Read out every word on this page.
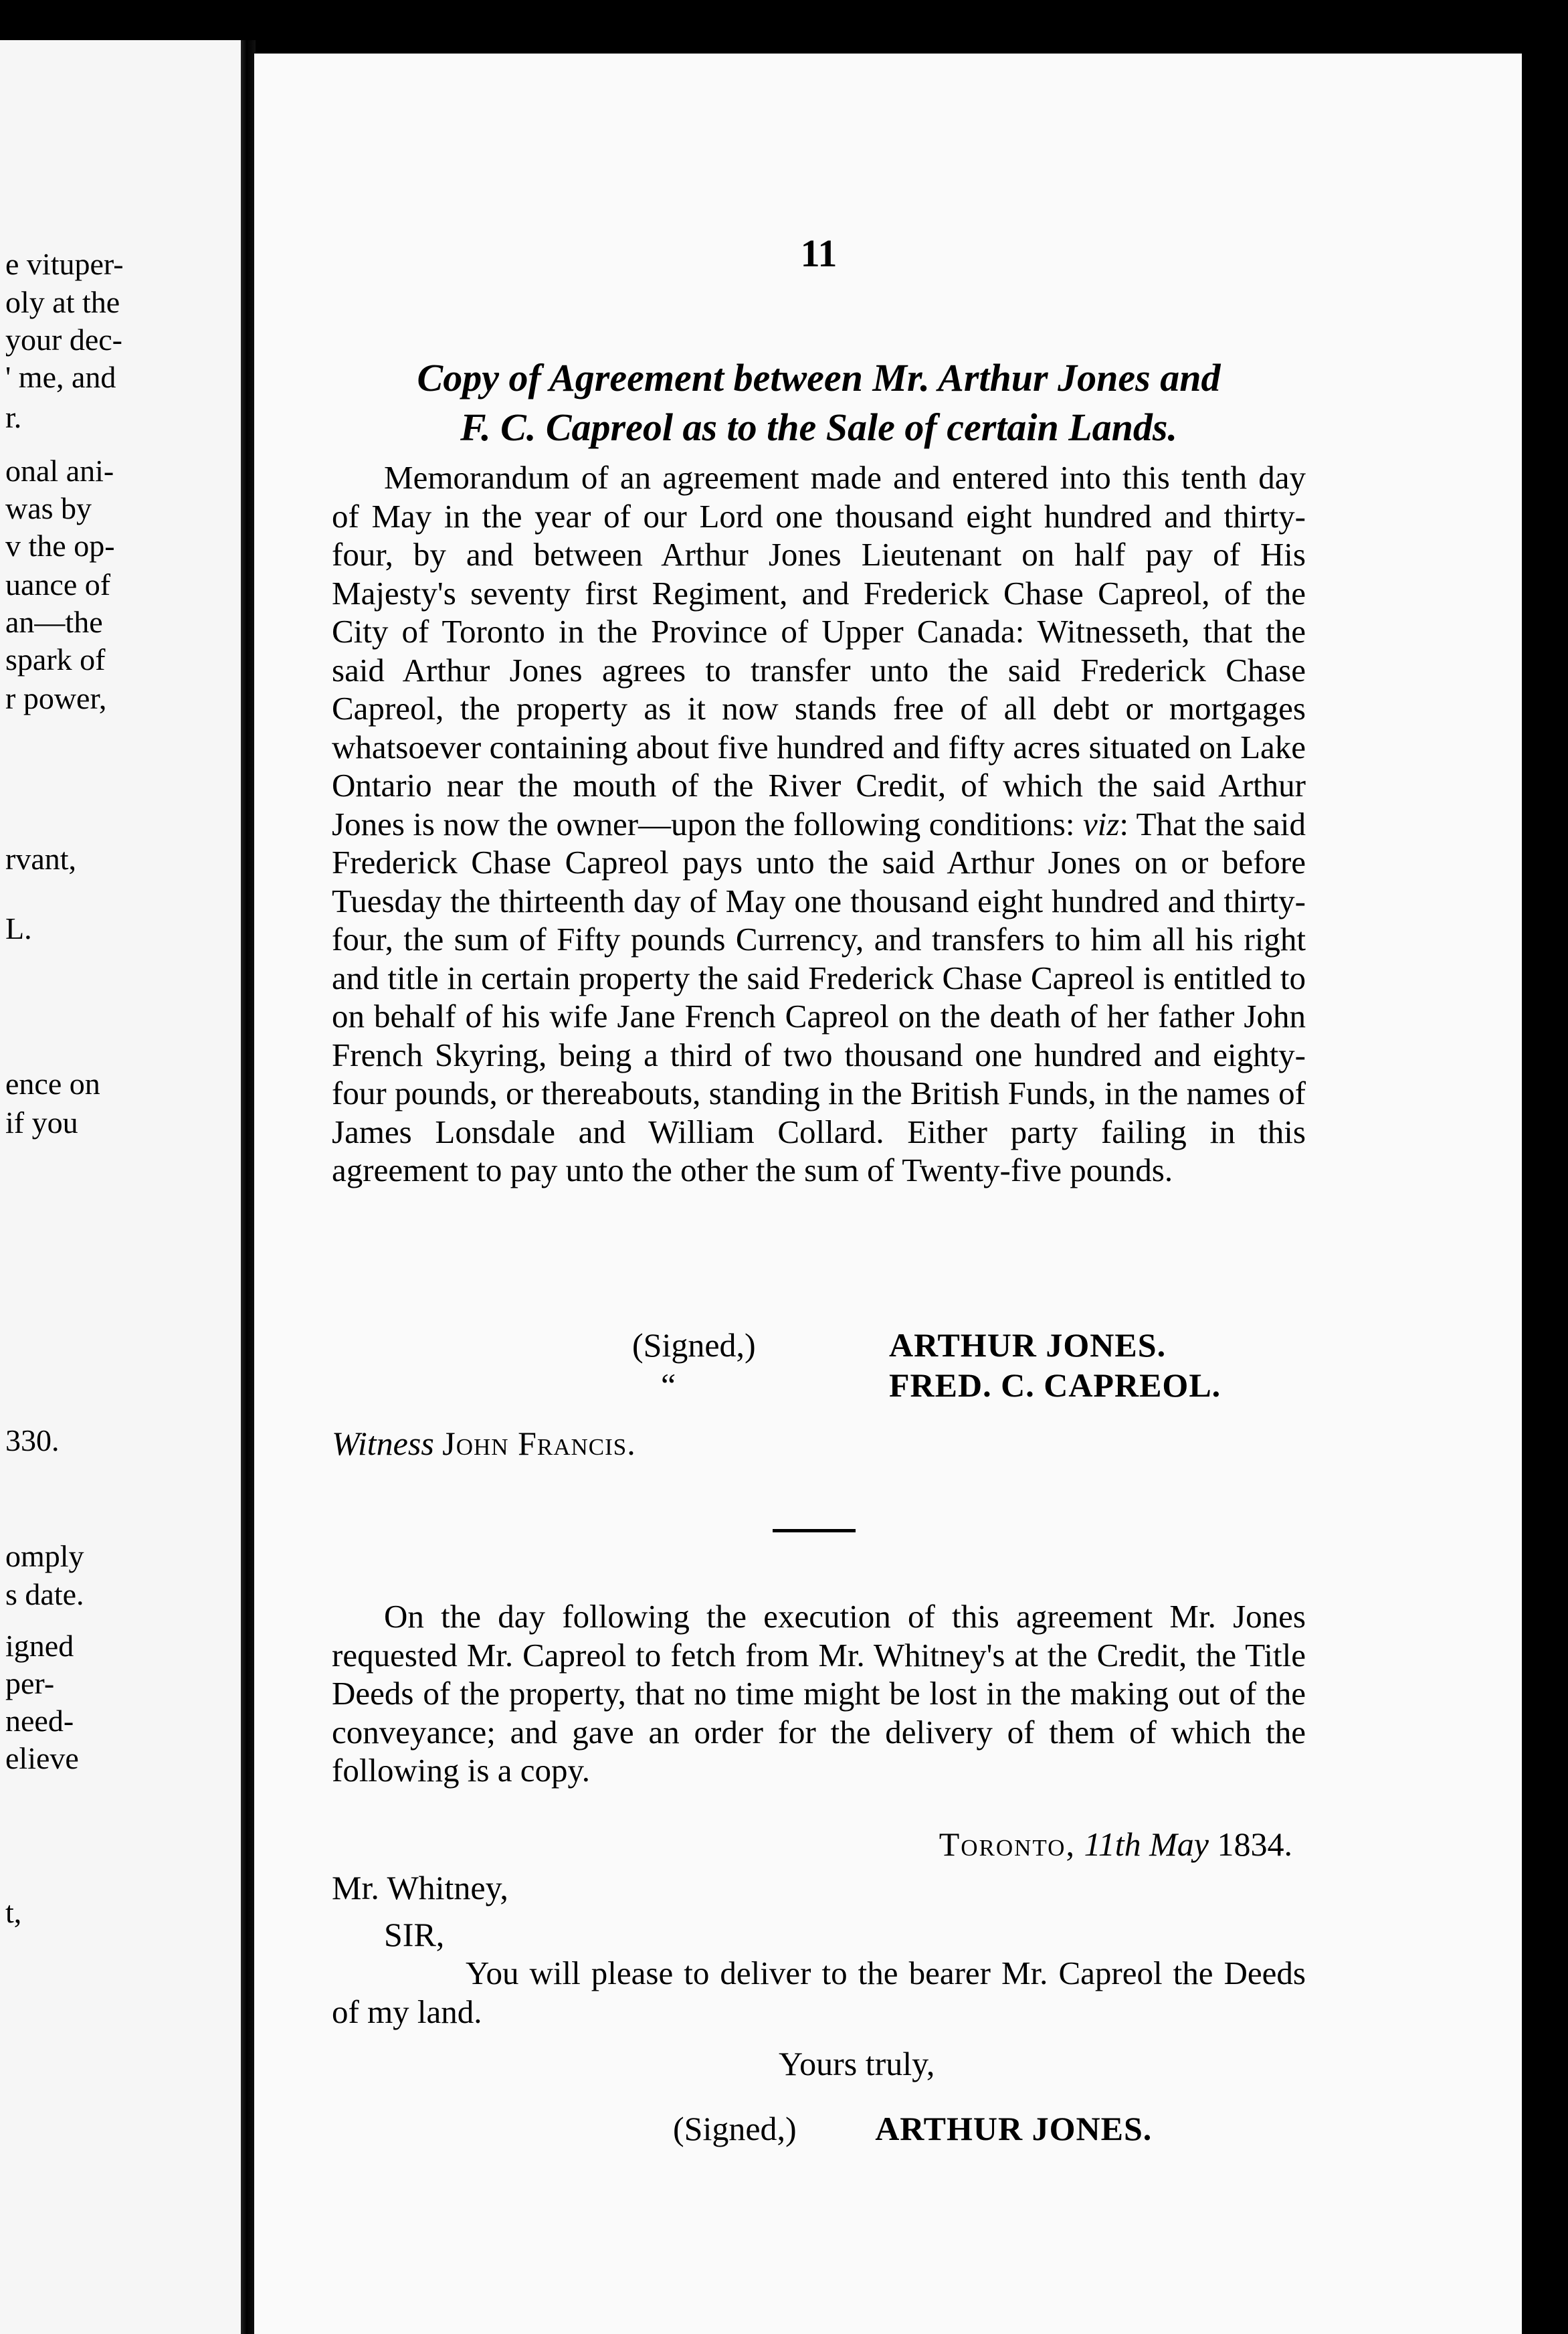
e vituper-
oly at the
your dec-
' me, and
r.
onal ani-
was by
v the op-
uance of
an—the
spark of
r power,
rvant,
L.
ence on
if you
330.
omply
s date.
igned
per-
need-
elieve
t,
11
Copy of Agreement between Mr. Arthur Jones and
F. C. Capreol as to the Sale of certain Lands.
Memorandum of an agreement made and entered into this tenth day of May in the year of our Lord one thousand eight hundred and thirty-four, by and between Arthur Jones Lieutenant on half pay of His Majesty's seventy first Regiment, and Frederick Chase Capreol, of the City of Toronto in the Province of Upper Canada: Witnesseth, that the said Arthur Jones agrees to transfer unto the said Frederick Chase Capreol, the property as it now stands free of all debt or mortgages whatsoever containing about five hundred and fifty acres situated on Lake Ontario near the mouth of the River Credit, of which the said Arthur Jones is now the owner—upon the following conditions: viz: That the said Frederick Chase Capreol pays unto the said Arthur Jones on or before Tuesday the thirteenth day of May one thousand eight hundred and thirty-four, the sum of Fifty pounds Currency, and transfers to him all his right and title in certain property the said Frederick Chase Capreol is entitled to on behalf of his wife Jane French Capreol on the death of her father John French Skyring, being a third of two thousand one hundred and eighty-four pounds, or thereabouts, standing in the British Funds, in the names of James Lonsdale and William Collard. Either party failing in this agreement to pay unto the other the sum of Twenty-five pounds.
(Signed,)
“
ARTHUR JONES.
FRED. C. CAPREOL.
Witness John Francis.
On the day following the execution of this agreement Mr. Jones requested Mr. Capreol to fetch from Mr. Whitney's at the Credit, the Title Deeds of the property, that no time might be lost in the making out of the conveyance; and gave an order for the delivery of them of which the following is a copy.
Toronto, 11th May 1834.
Mr. Whitney,
SIR,
You will please to deliver to the bearer Mr. Capreol the Deeds of my land.
Yours truly,
(Signed,) ARTHUR JONES.
